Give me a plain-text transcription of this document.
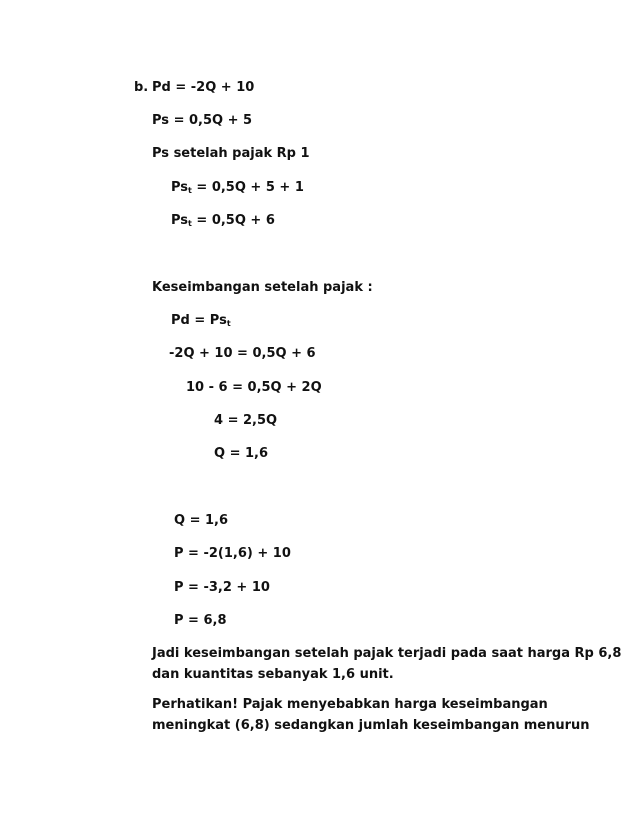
b. Pd = -2Q + 10
Ps = 0,5Q + 5
Ps setelah pajak Rp 1
$Ps_t = 0,5Q + 5 + 1$
$Ps_t = 0,5Q + 6$
Keseimbangan setelah pajak :
$Pd = Ps_t$
-2Q + 10 = 0,5Q + 6
10 - 6 = 0,5Q + 2Q
4 = 2,5Q
Q = 1,6
Q = 1,6
P = -2(1,6) + 10
P = -3,2 + 10
P = 6,8
Jadi keseimbangan setelah pajak terjadi pada saat harga Rp 6,8
dan kuantitas sebanyak 1,6 unit.
Perhatikan! Pajak menyebabkan harga keseimbangan
meningkat (6,8) sedangkan jumlah keseimbangan menurun
